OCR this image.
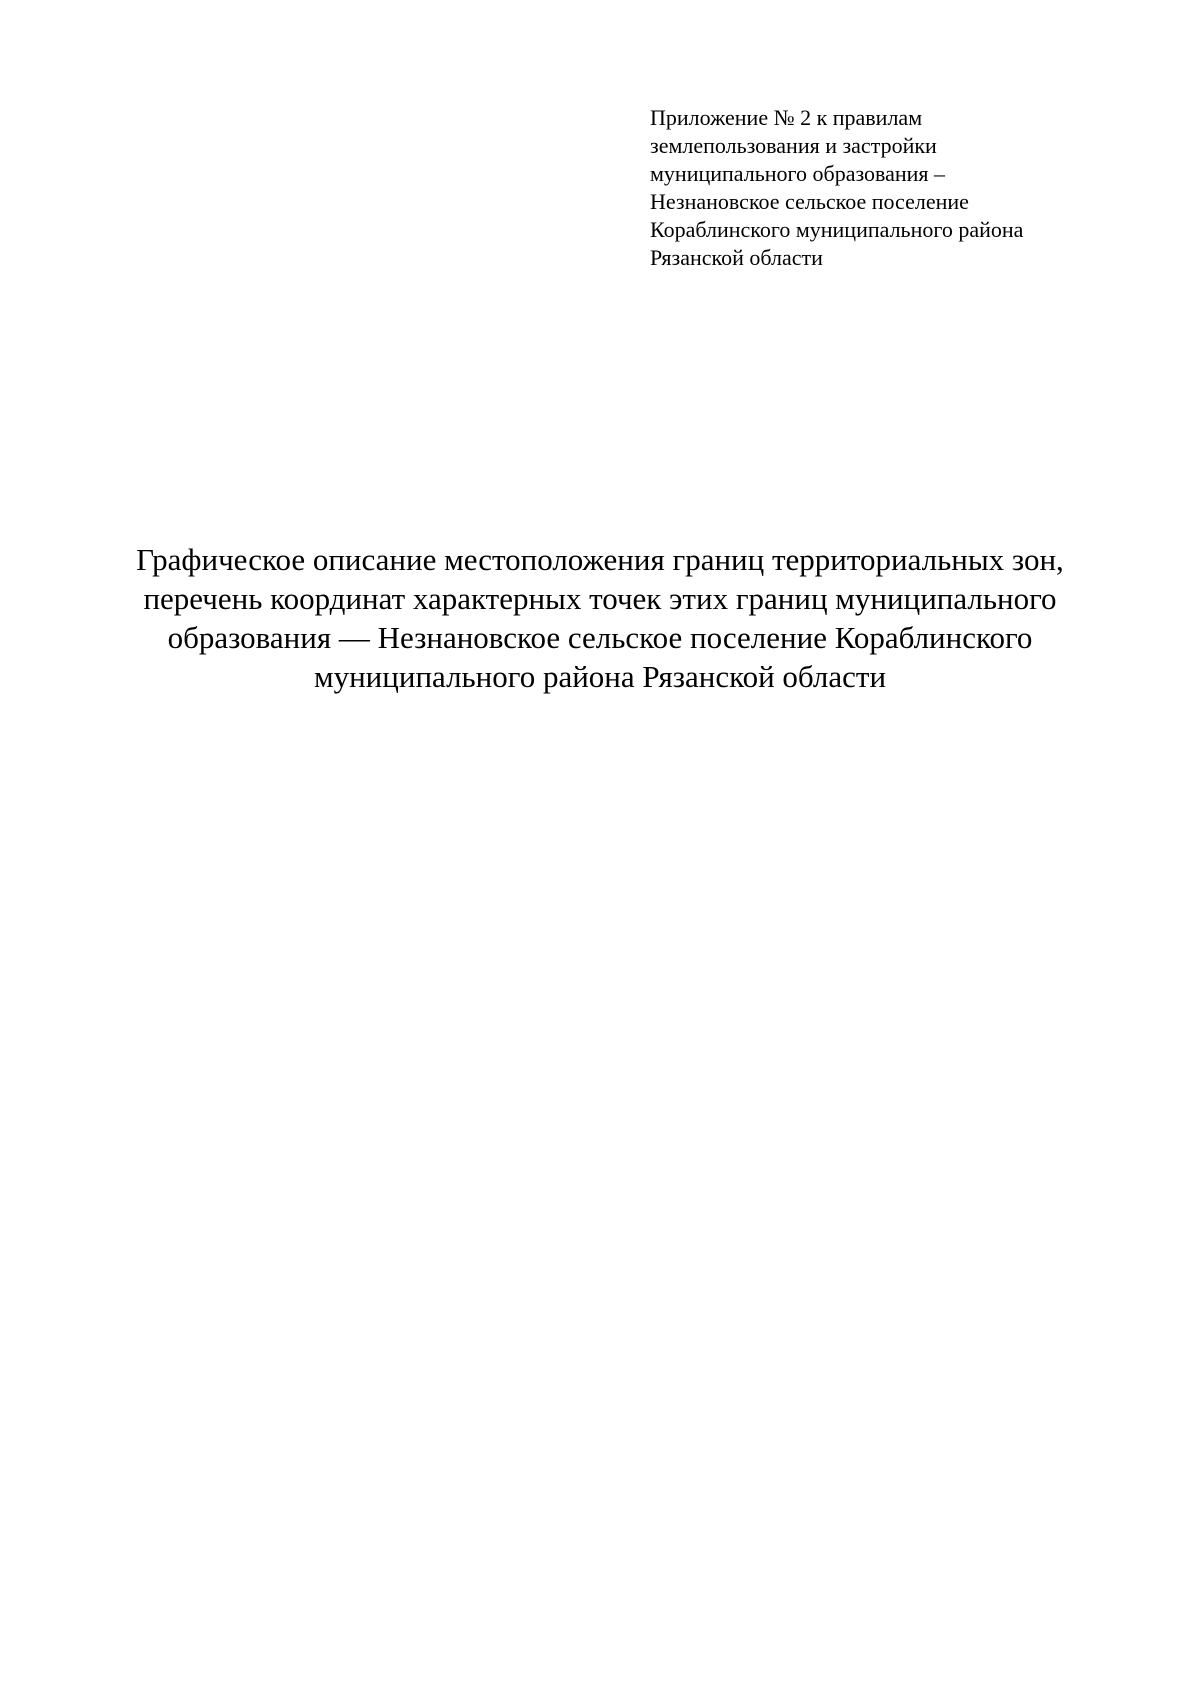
Приложение № 2 к правилам
землепользования и застройки
муниципального образования –
Незнановское сельское поселение
Кораблинского муниципального района
Рязанской области
Графическое описание местоположения границ территориальных зон,
перечень координат характерных точек этих границ муниципального
образования — Незнановское сельское поселение Кораблинского
муниципального района Рязанской области
